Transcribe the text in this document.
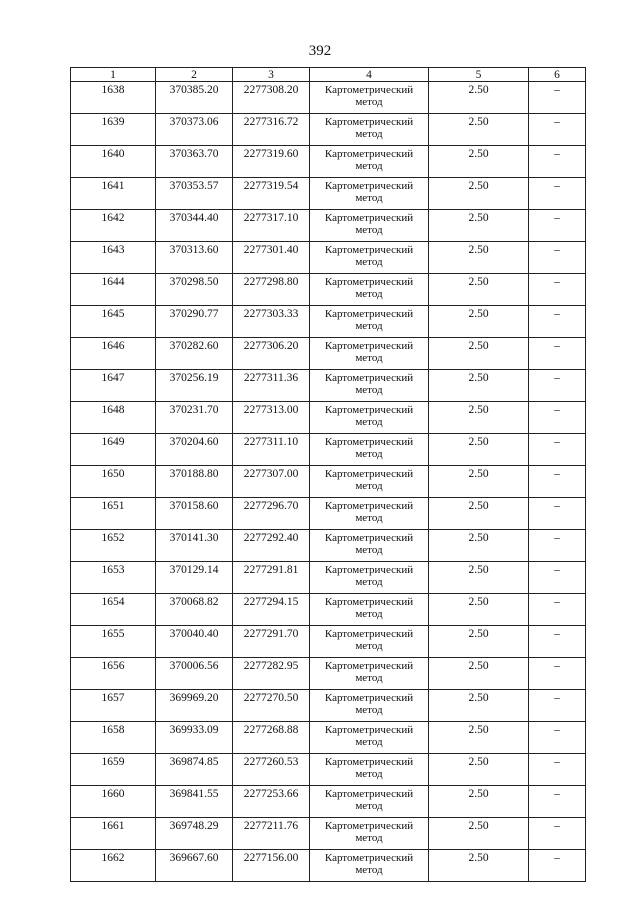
392
1	2	3	4	5	6
1638	370385.20	2277308.20	Картометрический метод	2.50	–
1639	370373.06	2277316.72	Картометрический метод	2.50	–
1640	370363.70	2277319.60	Картометрический метод	2.50	–
1641	370353.57	2277319.54	Картометрический метод	2.50	–
1642	370344.40	2277317.10	Картометрический метод	2.50	–
1643	370313.60	2277301.40	Картометрический метод	2.50	–
1644	370298.50	2277298.80	Картометрический метод	2.50	–
1645	370290.77	2277303.33	Картометрический метод	2.50	–
1646	370282.60	2277306.20	Картометрический метод	2.50	–
1647	370256.19	2277311.36	Картометрический метод	2.50	–
1648	370231.70	2277313.00	Картометрический метод	2.50	–
1649	370204.60	2277311.10	Картометрический метод	2.50	–
1650	370188.80	2277307.00	Картометрический метод	2.50	–
1651	370158.60	2277296.70	Картометрический метод	2.50	–
1652	370141.30	2277292.40	Картометрический метод	2.50	–
1653	370129.14	2277291.81	Картометрический метод	2.50	–
1654	370068.82	2277294.15	Картометрический метод	2.50	–
1655	370040.40	2277291.70	Картометрический метод	2.50	–
1656	370006.56	2277282.95	Картометрический метод	2.50	–
1657	369969.20	2277270.50	Картометрический метод	2.50	–
1658	369933.09	2277268.88	Картометрический метод	2.50	–
1659	369874.85	2277260.53	Картометрический метод	2.50	–
1660	369841.55	2277253.66	Картометрический метод	2.50	–
1661	369748.29	2277211.76	Картометрический метод	2.50	–
1662	369667.60	2277156.00	Картометрический метод	2.50	–
